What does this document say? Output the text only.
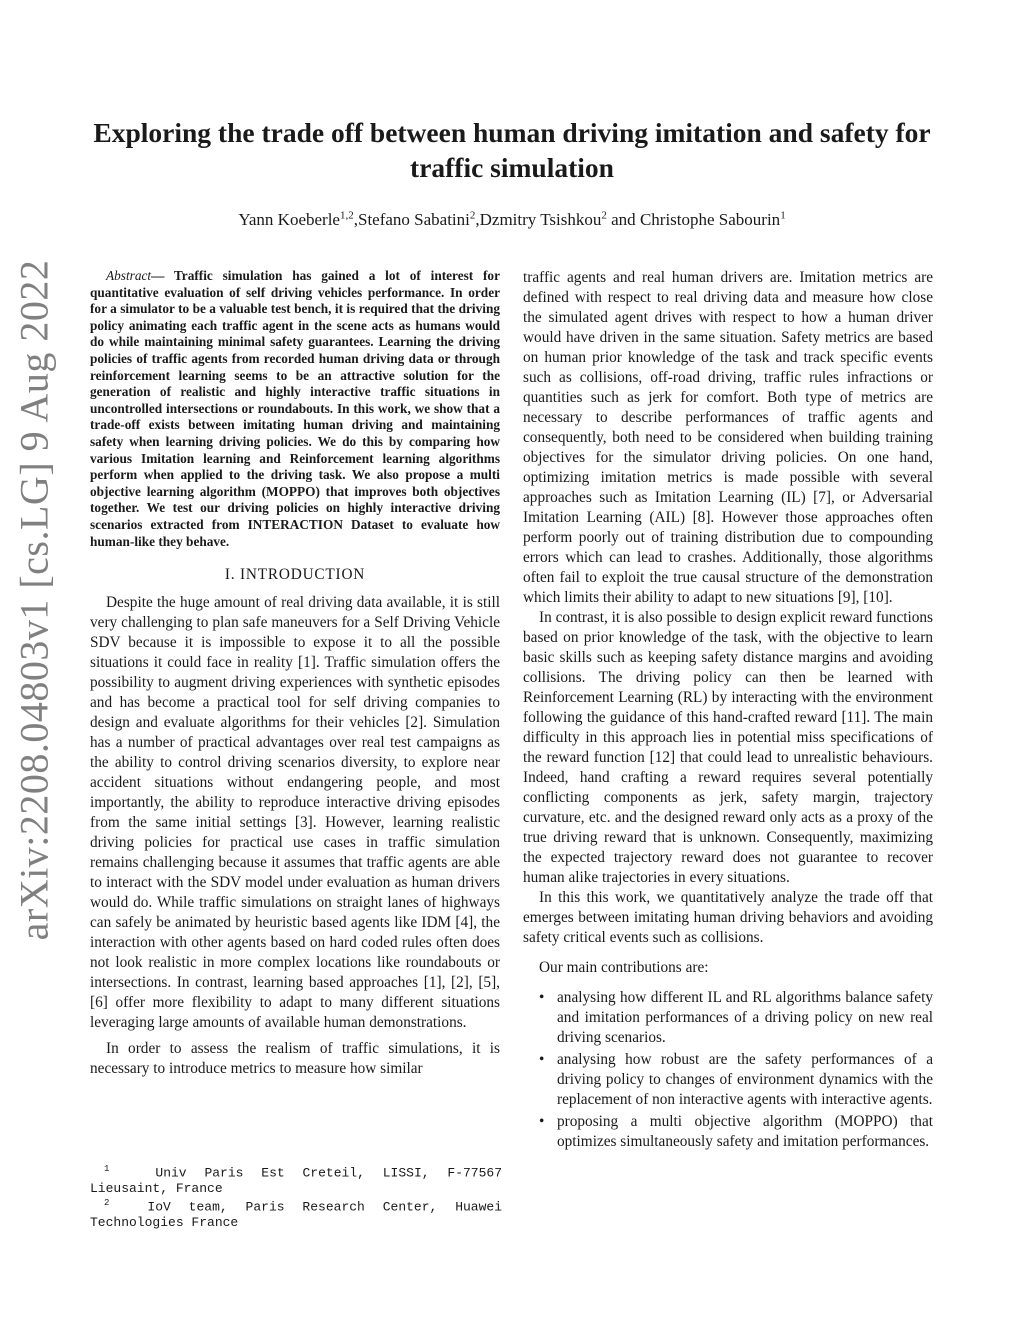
arXiv:2208.04803v1 [cs.LG] 9 Aug 2022
Exploring the trade off between human driving imitation and safety for
traffic simulation
Yann Koeberle$^{1,2}$,Stefano Sabatini$^2$,Dzmitry Tsishkou$^2$ and Christophe Sabourin$^1$

Abstract— Traffic simulation has gained a lot of interest for quantitative evaluation of self driving vehicles performance. In order for a simulator to be a valuable test bench, it is required that the driving policy animating each traffic agent in the scene acts as humans would do while maintaining minimal safety guarantees. Learning the driving policies of traffic agents from recorded human driving data or through reinforcement learning seems to be an attractive solution for the generation of realistic and highly interactive traffic situations in uncontrolled intersections or roundabouts. In this work, we show that a trade-off exists between imitating human driving and maintaining safety when learning driving policies. We do this by comparing how various Imitation learning and Reinforcement learning algorithms perform when applied to the driving task. We also propose a multi objective learning algorithm (MOPPO) that improves both objectives together. We test our driving policies on highly interactive driving scenarios extracted from INTERACTION Dataset to evaluate how human-like they behave.

I. INTRODUCTION

Despite the huge amount of real driving data available, it is still very challenging to plan safe maneuvers for a Self Driving Vehicle SDV because it is impossible to expose it to all the possible situations it could face in reality [1]. Traffic simulation offers the possibility to augment driving experiences with synthetic episodes and has become a practical tool for self driving companies to design and evaluate algorithms for their vehicles [2]. Simulation has a number of practical advantages over real test campaigns as the ability to control driving scenarios diversity, to explore near accident situations without endangering people, and most importantly, the ability to reproduce interactive driving episodes from the same initial settings [3]. However, learning realistic driving policies for practical use cases in traffic simulation remains challenging because it assumes that traffic agents are able to interact with the SDV model under evaluation as human drivers would do. While traffic simulations on straight lanes of highways can safely be animated by heuristic based agents like IDM [4], the interaction with other agents based on hard coded rules often does not look realistic in more complex locations like roundabouts or intersections. In contrast, learning based approaches [1], [2], [5], [6] offer more flexibility to adapt to many different situations leveraging large amounts of available human demonstrations.

In order to assess the realism of traffic simulations, it is necessary to introduce metrics to measure how similar

$^1$	Univ Paris Est Creteil, LISSI, F-77567 Lieusaint, France

$^2$	IoV team, Paris Research Center, Huawei Technologies France

traffic agents and real human drivers are. Imitation metrics are defined with respect to real driving data and measure how close the simulated agent drives with respect to how a human driver would have driven in the same situation. Safety metrics are based on human prior knowledge of the task and track specific events such as collisions, off-road driving, traffic rules infractions or quantities such as jerk for comfort. Both type of metrics are necessary to describe performances of traffic agents and consequently, both need to be considered when building training objectives for the simulator driving policies. On one hand, optimizing imitation metrics is made possible with several approaches such as Imitation Learning (IL) [7], or Adversarial Imitation Learning (AIL) [8]. However those approaches often perform poorly out of training distribution due to compounding errors which can lead to crashes. Additionally, those algorithms often fail to exploit the true causal structure of the demonstration which limits their ability to adapt to new situations [9], [10].

In contrast, it is also possible to design explicit reward functions based on prior knowledge of the task, with the objective to learn basic skills such as keeping safety distance margins and avoiding collisions. The driving policy can then be learned with Reinforcement Learning (RL) by interacting with the environment following the guidance of this hand-crafted reward [11]. The main difficulty in this approach lies in potential miss specifications of the reward function [12] that could lead to unrealistic behaviours. Indeed, hand crafting a reward requires several potentially conflicting components as jerk, safety margin, trajectory curvature, etc. and the designed reward only acts as a proxy of the true driving reward that is unknown. Consequently, maximizing the expected trajectory reward does not guarantee to recover human alike trajectories in every situations.

In this this work, we quantitatively analyze the trade off that emerges between imitating human driving behaviors and avoiding safety critical events such as collisions.

Our main contributions are:

• analysing how different IL and RL algorithms balance safety and imitation performances of a driving policy on new real driving scenarios.
• analysing how robust are the safety performances of a driving policy to changes of environment dynamics with the replacement of non interactive agents with interactive agents.
• proposing a multi objective algorithm (MOPPO) that optimizes simultaneously safety and imitation performances.
